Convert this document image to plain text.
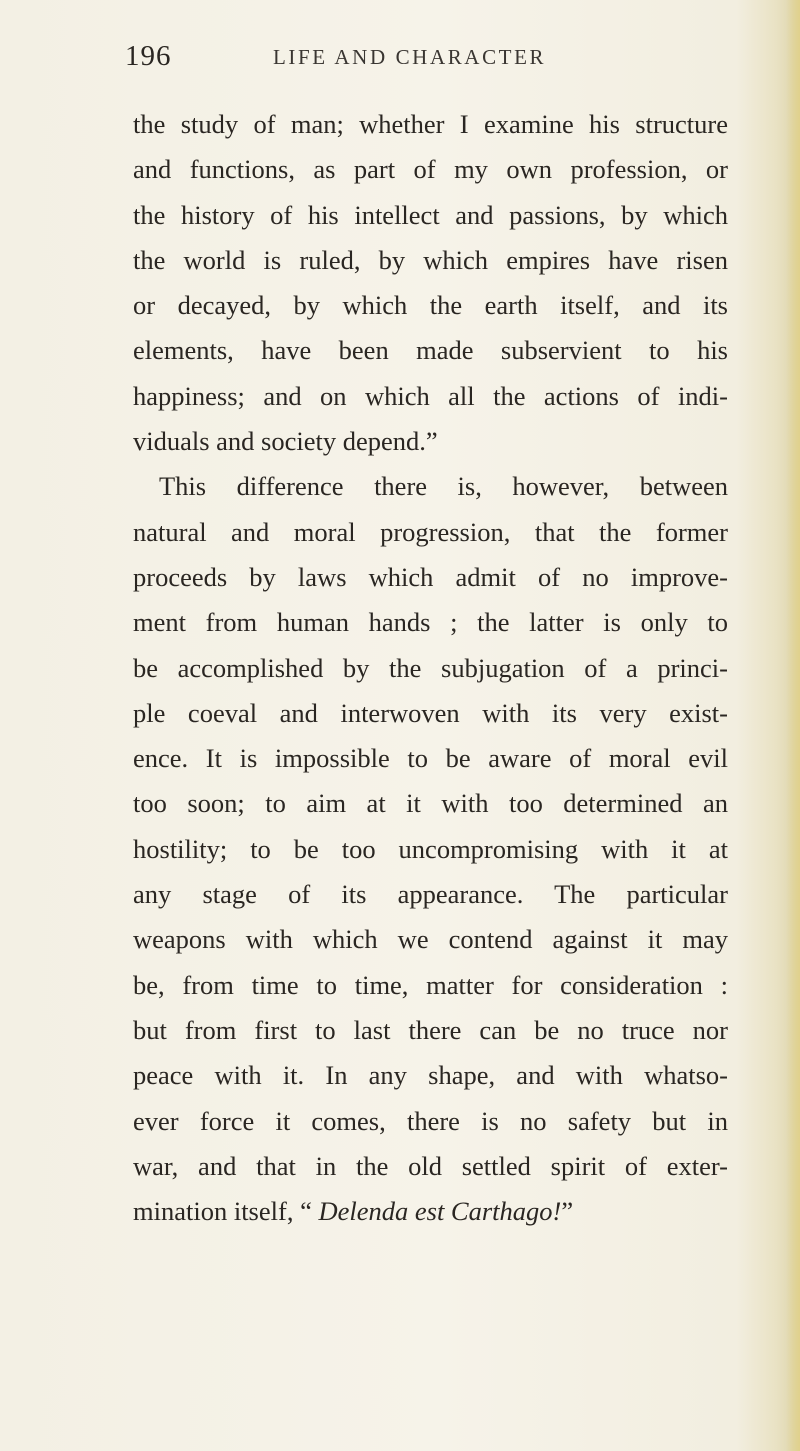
196	LIFE AND CHARACTER
the study of man; whether I examine his structure
and functions, as part of my own profession, or
the history of his intellect and passions, by which
the world is ruled, by which empires have risen
or decayed, by which the earth itself, and its
elements, have been made subservient to his
happiness; and on which all the actions of indi-
viduals and society depend.”
This difference there is, however, between
natural and moral progression, that the former
proceeds by laws which admit of no improve-
ment from human hands ; the latter is only to
be accomplished by the subjugation of a princi-
ple coeval and interwoven with its very exist-
ence. It is impossible to be aware of moral evil
too soon; to aim at it with too determined an
hostility; to be too uncompromising with it at
any stage of its appearance. The particular
weapons with which we contend against it may
be, from time to time, matter for consideration :
but from first to last there can be no truce nor
peace with it. In any shape, and with whatso-
ever force it comes, there is no safety but in
war, and that in the old settled spirit of exter-
mination itself, “ Delenda est Carthago!”
